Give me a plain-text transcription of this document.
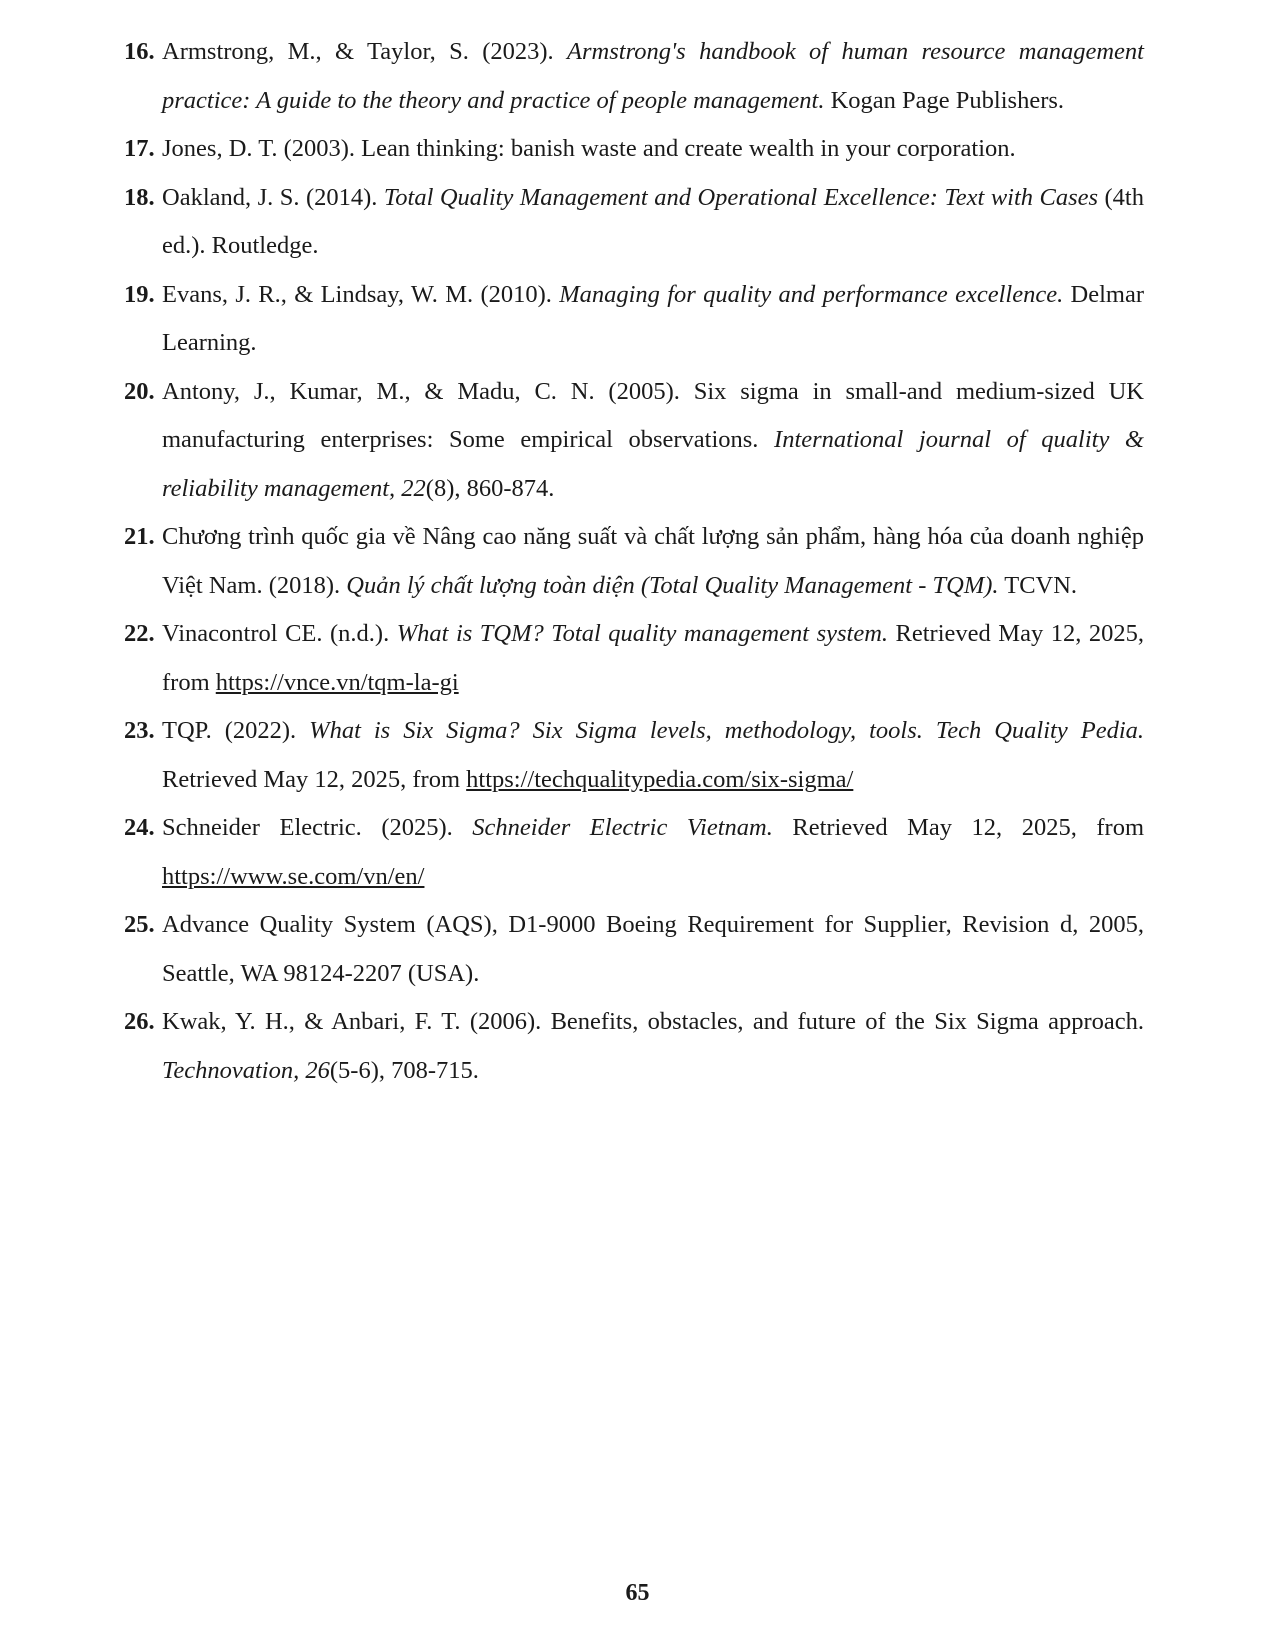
16. Armstrong, M., & Taylor, S. (2023). Armstrong's handbook of human resource management practice: A guide to the theory and practice of people management. Kogan Page Publishers.
17. Jones, D. T. (2003). Lean thinking: banish waste and create wealth in your corporation.
18. Oakland, J. S. (2014). Total Quality Management and Operational Excellence: Text with Cases (4th ed.). Routledge.
19. Evans, J. R., & Lindsay, W. M. (2010). Managing for quality and performance excellence. Delmar Learning.
20. Antony, J., Kumar, M., & Madu, C. N. (2005). Six sigma in small-and medium-sized UK manufacturing enterprises: Some empirical observations. International journal of quality & reliability management, 22(8), 860-874.
21. Chương trình quốc gia về Nâng cao năng suất và chất lượng sản phẩm, hàng hóa của doanh nghiệp Việt Nam. (2018). Quản lý chất lượng toàn diện (Total Quality Management - TQM). TCVN.
22. Vinacontrol CE. (n.d.). What is TQM? Total quality management system. Retrieved May 12, 2025, from https://vnce.vn/tqm-la-gi
23. TQP. (2022). What is Six Sigma? Six Sigma levels, methodology, tools. Tech Quality Pedia. Retrieved May 12, 2025, from https://techqualitypedia.com/six-sigma/
24. Schneider Electric. (2025). Schneider Electric Vietnam. Retrieved May 12, 2025, from https://www.se.com/vn/en/
25. Advance Quality System (AQS), D1-9000 Boeing Requirement for Supplier, Revision d, 2005, Seattle, WA 98124-2207 (USA).
26. Kwak, Y. H., & Anbari, F. T. (2006). Benefits, obstacles, and future of the Six Sigma approach. Technovation, 26(5-6), 708-715.
65
